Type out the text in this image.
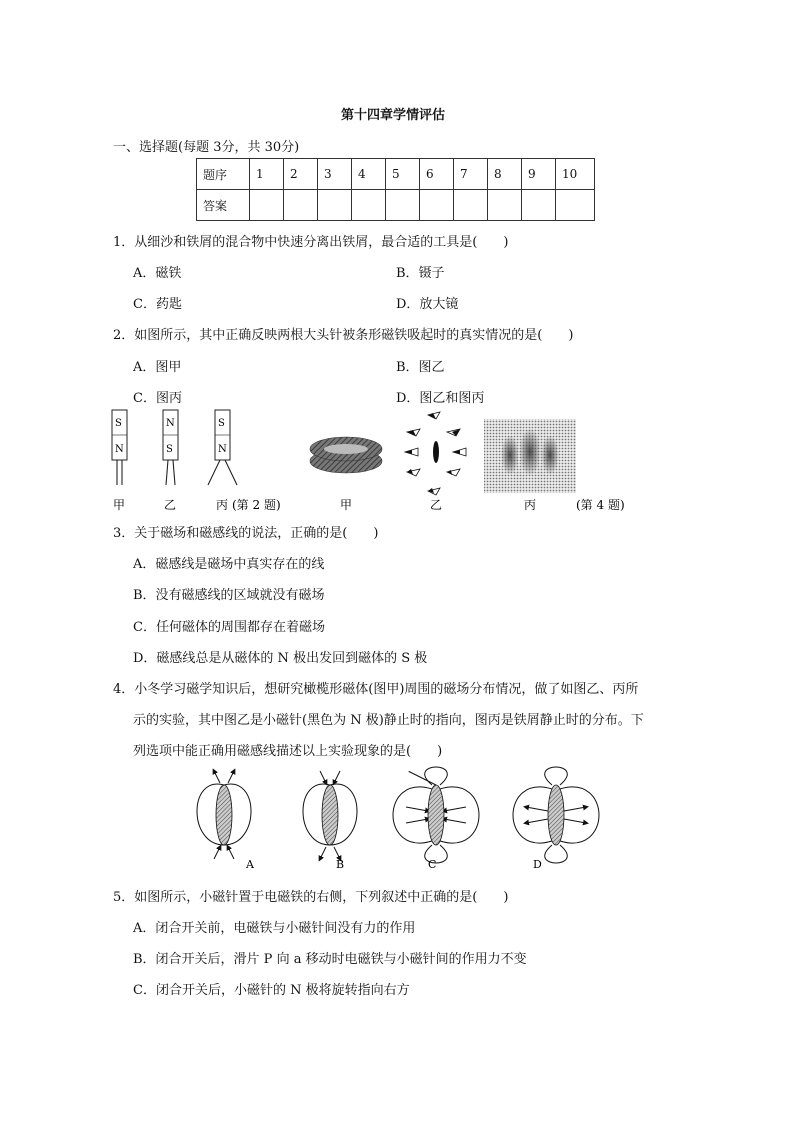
第十四章学情评估
一、选择题(每题 3分，共 30分)
题序	1	2	3	4	5	6	7	8	9	10
答案										
1．从细沙和铁屑的混合物中快速分离出铁屑，最合适的工具是(　　)
A．磁铁	B．镊子
C．药匙	D．放大镜
2．如图所示，其中正确反映两根大头针被条形磁铁吸起时的真实情况的是(　　)
A．图甲	B．图乙
C．图丙	D．图乙和图丙
S
N
N
S
S
N
甲	乙	丙 (第 2 题)	甲	乙	丙	(第 4 题)
3．关于磁场和磁感线的说法，正确的是(　　)
A．磁感线是磁场中真实存在的线
B．没有磁感线的区域就没有磁场
C．任何磁体的周围都存在着磁场
D．磁感线总是从磁体的 N 极出发回到磁体的 S 极
4．小冬学习磁学知识后，想研究橄榄形磁体(图甲)周围的磁场分布情况，做了如图乙、丙所
示的实验，其中图乙是小磁针(黑色为 N 极)静止时的指向，图丙是铁屑静止时的分布。下
列选项中能正确用磁感线描述以上实验现象的是(　　)
A	B	C	D
5．如图所示，小磁针置于电磁铁的右侧，下列叙述中正确的是(　　)
A．闭合开关前，电磁铁与小磁针间没有力的作用
B．闭合开关后，滑片 P 向 a 移动时电磁铁与小磁针间的作用力不变
C．闭合开关后，小磁针的 N 极将旋转指向右方
